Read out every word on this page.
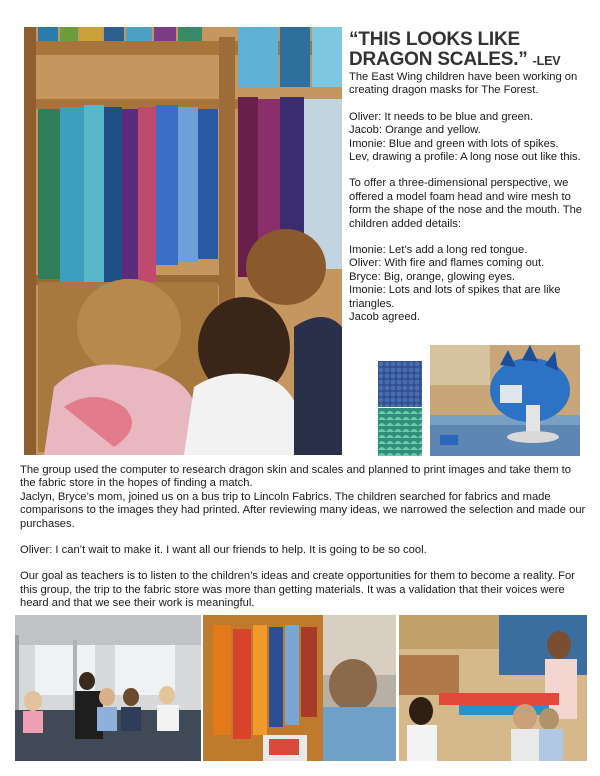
“THIS LOOKS LIKE DRAGON SCALES.” -LEV

The East Wing children have been working on creating dragon masks for The Forest.

Oliver: It needs to be blue and green.

Jacob: Orange and yellow.

Imonie: Blue and green with lots of spikes.

Lev, drawing a profile: A long nose out like this.

To offer a three-dimensional perspective, we offered a model foam head and wire mesh to form the shape of the nose and the mouth. The children added details:

Imonie: Let’s add a long red tongue.

Oliver: With fire and flames coming out.

Bryce: Big, orange, glowing eyes.

Imonie: Lots and lots of spikes that are like triangles.

Jacob agreed.

The group used the computer to research dragon skin and scales and planned to print images and take them to the fabric store in the hopes of finding a match.

Jaclyn, Bryce’s mom, joined us on a bus trip to Lincoln Fabrics. The children searched for fabrics and made comparisons to the images they had printed. After reviewing many ideas, we narrowed the selection and made our purchases.

Oliver: I can’t wait to make it. I want all our friends to help. It is going to be so cool.

Our goal as teachers is to listen to the children’s ideas and create opportunities for them to become a reality. For this group, the trip to the fabric store was more than getting materials. It was a validation that their voices were heard and that we see their work is meaningful.
